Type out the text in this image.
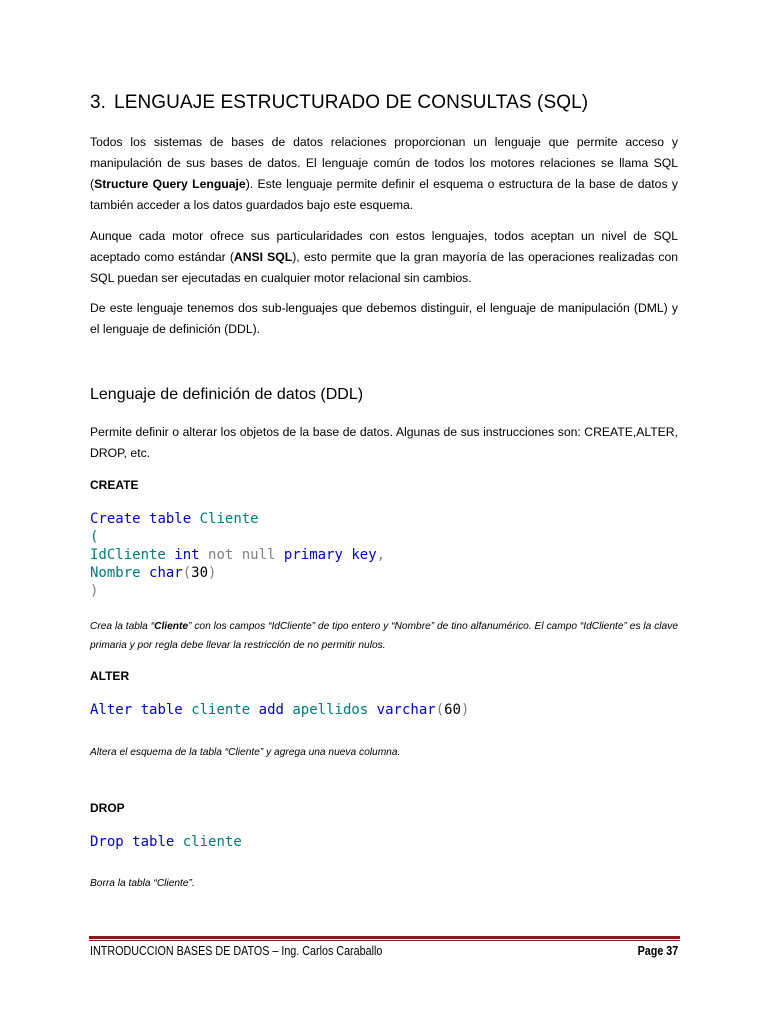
3. LENGUAJE ESTRUCTURADO DE CONSULTAS (SQL)
Todos los sistemas de bases de datos relaciones proporcionan un lenguaje que permite acceso y manipulación de sus bases de datos. El lenguaje común de todos los motores relaciones se llama SQL (Structure Query Lenguaje). Este lenguaje permite definir el esquema o estructura de la base de datos y también acceder a los datos guardados bajo este esquema.
Aunque cada motor ofrece sus particularidades con estos lenguajes, todos aceptan un nivel de SQL aceptado como estándar (ANSI SQL), esto permite que la gran mayoría de las operaciones realizadas con SQL puedan ser ejecutadas en cualquier motor relacional sin cambios.
De este lenguaje tenemos dos sub-lenguajes que debemos distinguir, el lenguaje de manipulación (DML) y el lenguaje de definición (DDL).
Lenguaje de definición de datos (DDL)
Permite definir o alterar los objetos de la base de datos. Algunas de sus instrucciones son: CREATE,ALTER, DROP, etc.
CREATE
Create table Cliente
(
IdCliente int not null primary key,
Nombre char(30)
)
Crea la tabla “Cliente” con los campos “IdCliente” de tipo entero y “Nombre” de tino alfanumérico. El campo “IdCliente” es la clave primaria y por regla debe llevar la restricción de no permitir nulos.
ALTER
Alter table cliente add apellidos varchar(60)
Altera el esquema de la tabla “Cliente” y agrega una nueva columna.
DROP
Drop table cliente
Borra la tabla “Cliente”.
INTRODUCCION BASES DE DATOS – Ing. Carlos Caraballo	Page 37
